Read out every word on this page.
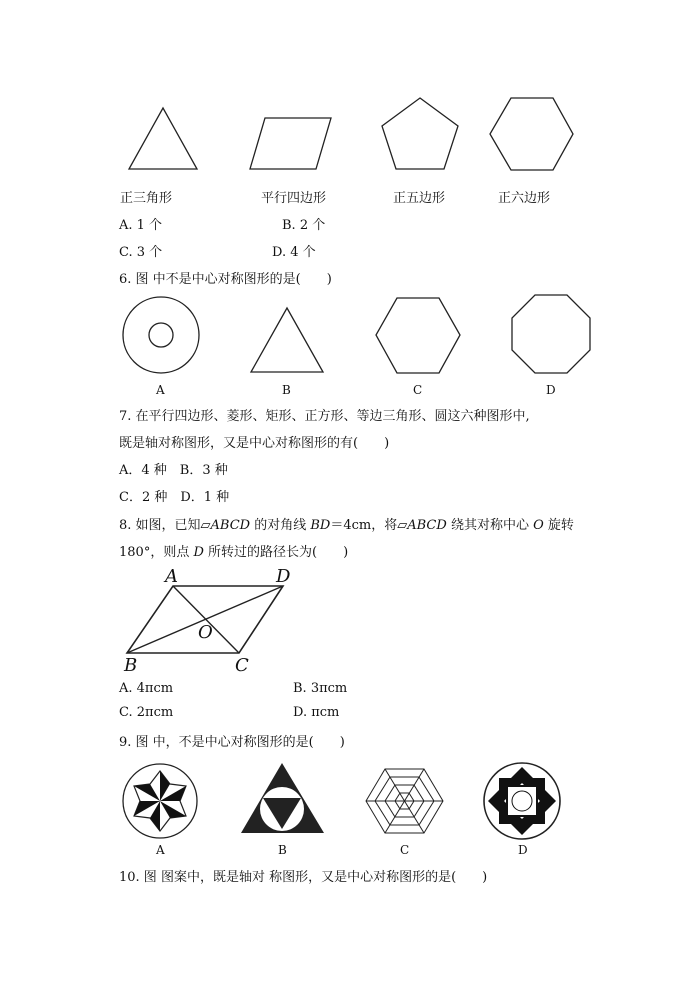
正三角形	平行四边形	正五边形	正六边形
A. 1 个	B. 2 个
C. 3 个	D. 4 个
6. 图 中不是中心对称图形的是(　　)
A	B	C	D
7. 在平行四边形、菱形、矩形、正方形、等边三角形、圆这六种图形中,
既是轴对称图形，又是中心对称图形的有(　　)
A．4 种　B．3 种
C．2 种　D．1 种
8. 如图，已知▱ABCD 的对角线 BD＝4cm，将▱ABCD 绕其对称中心 O 旋转
180°，则点 D 所转过的路径长为(　　)
A	D
O
B	C
A. 4πcm	B. 3πcm
C. 2πcm	D. πcm
9. 图 中，不是中心对称图形的是(　　)
A	B	C	D
10. 图 图案中，既是轴对 称图形，又是中心对称图形的是(　　)
